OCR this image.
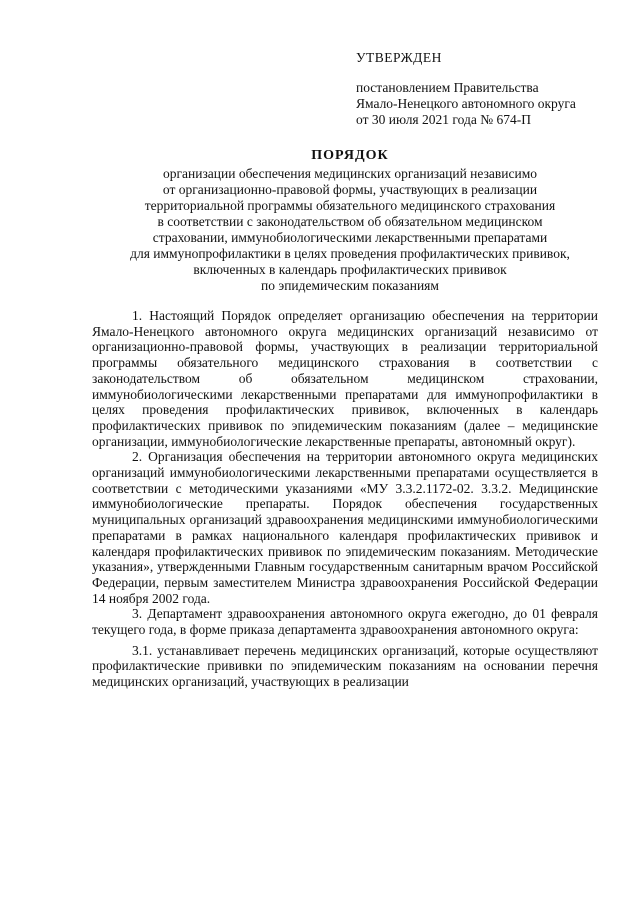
УТВЕРЖДЕН
постановлением Правительства
Ямало-Ненецкого автономного округа
от 30 июля 2021 года № 674-П
ПОРЯДОК
организации обеспечения медицинских организаций независимо
от организационно-правовой формы, участвующих в реализации
территориальной программы обязательного медицинского страхования
в соответствии с законодательством об обязательном медицинском
страховании, иммунобиологическими лекарственными препаратами
для иммунопрофилактики в целях проведения профилактических прививок,
включенных в календарь профилактических прививок
по эпидемическим показаниям

1. Настоящий Порядок определяет организацию обеспечения на территории Ямало-Ненецкого автономного округа медицинских организаций независимо от организационно-правовой формы, участвующих в реализации территориальной программы обязательного медицинского страхования в соответствии с законодательством об обязательном медицинском страховании, иммунобиологическими лекарственными препаратами для иммунопрофилактики в целях проведения профилактических прививок, включенных в календарь профилактических прививок по эпидемическим показаниям (далее – медицинские организации, иммунобиологические лекарственные препараты, автономный округ).

2. Организация обеспечения на территории автономного округа медицинских организаций иммунобиологическими лекарственными препаратами осуществляется в соответствии с методическими указаниями «МУ 3.3.2.1172-02. 3.3.2. Медицинские иммунобиологические препараты. Порядок обеспечения государственных муниципальных организаций здравоохранения медицинскими иммунобиологическими препаратами в рамках национального календаря профилактических прививок и календаря профилактических прививок по эпидемическим показаниям. Методические указания», утвержденными Главным государственным санитарным врачом Российской Федерации, первым заместителем Министра здравоохранения Российской Федерации 14 ноября 2002 года.

3. Департамент здравоохранения автономного округа ежегодно, до 01 февраля текущего года, в форме приказа департамента здравоохранения автономного округа:

3.1. устанавливает перечень медицинских организаций, которые осуществляют профилактические прививки по эпидемическим показаниям на основании перечня медицинских организаций, участвующих в реализации
